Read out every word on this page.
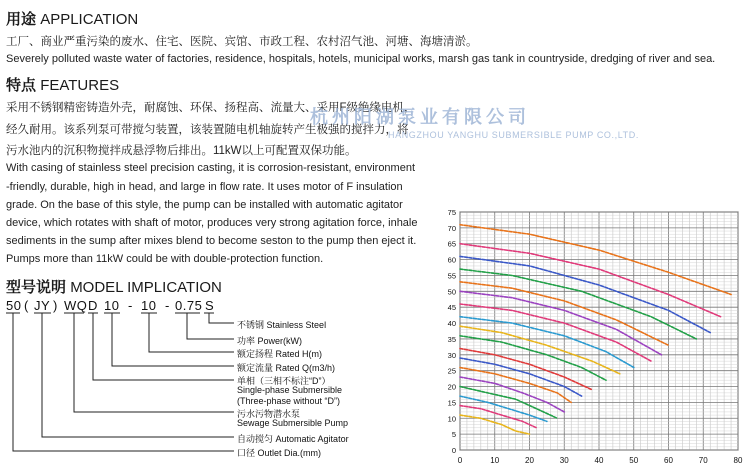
用途 APPLICATION
工厂、商业严重污染的废水、住宅、医院、宾馆、市政工程、农村沼气池、河塘、海塘清淤。
Severely polluted waste water of factories, residence, hospitals, hotels, municipal works, marsh gas tank in countryside, dredging of river and sea.
特点 FEATURES
采用不锈钢精密铸造外壳，耐腐蚀、环保、扬程高、流量大、采用F级绝缘电机，
经久耐用。该系列泵可带搅匀装置，该装置随电机轴旋转产生极强的搅拌力，将
污水池内的沉积物搅拌成悬浮物后排出。11kW以上可配置双保功能。
With casing of stainless steel precision casting, it is corrosion-resistant, environment
-friendly, durable, high in head, and large in flow rate. It uses motor of F insulation
grade. On the base of this style, the pump can be installed with automatic agitator
device, which rotates with shaft of motor, produces very strong agitation force, inhale
sediments in the sump after mixes blend to become seston to the pump then eject it.
Pumps more than 11kW could be with double-protection function.
杭州阳湖泵业有限公司
HANGZHOU YANGHU SUBMERSIBLE PUMP CO.,LTD.
型号说明 MODEL IMPLICATION
50 ( JY ) WQ D 10 - 10 - 0.75 S
不锈钢 Stainless Steel
功率 Power(kW)
额定扬程 Rated H(m)
额定流量 Rated Q(m3/h)
单相（三相不标注“D”）
Single-phase Submersible
(Three-phase without “D”)
污水污物潜水泵
Sewage Submersible Pump
自动搅匀 Automatic Agitator
口径 Outlet Dia.(mm)
0	10	20	30	40	50	60	70	80
0
5
10
15
20
25
30
35
40
45
50
55
60
65
70
75
